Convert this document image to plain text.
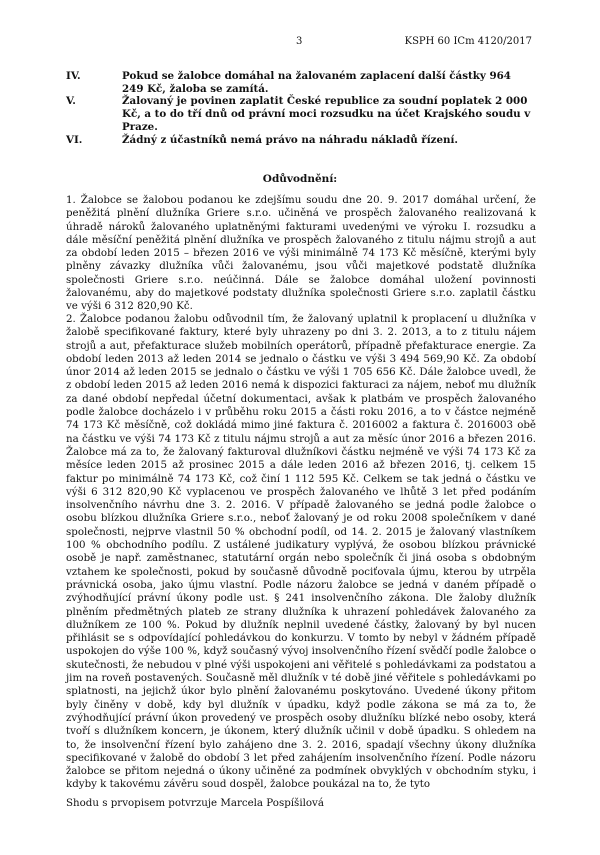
3	KSPH 60 ICm 4120/2017
IV.	Pokud se žalobce domáhal na žalovaném zaplacení další částky 964 249 Kč, žaloba se zamítá.
V.	Žalovaný je povinen zaplatit České republice za soudní poplatek 2 000 Kč, a to do tří dnů od právní moci rozsudku na účet Krajského soudu v Praze.
VI.	Žádný z účastníků nemá právo na náhradu nákladů řízení.
Odůvodnění:

1. Žalobce se žalobou podanou ke zdejšímu soudu dne 20. 9. 2017 domáhal určení, že peněžitá plnění dlužníka Griere s.r.o. učiněná ve prospěch žalovaného realizovaná k úhradě nároků žalovaného uplatněnými fakturami uvedenými ve výroku I. rozsudku a dále měsíční peněžitá plnění dlužníka ve prospěch žalovaného z titulu nájmu strojů a aut za období leden 2015 – březen 2016 ve výši minimálně 74 173 Kč měsíčně, kterými byly plněny závazky dlužníka vůči žalovanému, jsou vůči majetkové podstatě dlužníka společnosti Griere s.r.o. neúčinná. Dále se žalobce domáhal uložení povinnosti žalovanému, aby do majetkové podstaty dlužníka společnosti Griere s.r.o. zaplatil částku ve výši 6 312 820,90 Kč.

2. Žalobce podanou žalobu odůvodnil tím, že žalovaný uplatnil k proplacení u dlužníka v žalobě specifikované faktury, které byly uhrazeny po dni 3. 2. 2013, a to z titulu nájem strojů a aut, přefakturace služeb mobilních operátorů, případně přefakturace energie. Za období leden 2013 až leden 2014 se jednalo o částku ve výši 3 494 569,90 Kč. Za období únor 2014 až leden 2015 se jednalo o částku ve výši 1 705 656 Kč. Dále žalobce uvedl, že z období leden 2015 až leden 2016 nemá k dispozici fakturaci za nájem, neboť mu dlužník za dané období nepředal účetní dokumentaci, avšak k platbám ve prospěch žalovaného podle žalobce docházelo i v průběhu roku 2015 a části roku 2016, a to v částce nejméně 74 173 Kč měsíčně, což dokládá mimo jiné faktura č. 2016002 a faktura č. 2016003 obě na částku ve výši 74 173 Kč z titulu nájmu strojů a aut za měsíc únor 2016 a březen 2016. Žalobce má za to, že žalovaný fakturoval dlužníkovi částku nejméně ve výši 74 173 Kč za měsíce leden 2015 až prosinec 2015 a dále leden 2016 až březen 2016, tj. celkem 15 faktur po minimálně 74 173 Kč, což činí 1 112 595 Kč. Celkem se tak jedná o částku ve výši 6 312 820,90 Kč vyplacenou ve prospěch žalovaného ve lhůtě 3 let před podáním insolvenčního návrhu dne 3. 2. 2016. V případě žalovaného se jedná podle žalobce o osobu blízkou dlužníka Griere s.r.o., neboť žalovaný je od roku 2008 společníkem v dané společnosti, nejprve vlastnil 50 % obchodní podíl, od 14. 2. 2015 je žalovaný vlastníkem 100 % obchodního podílu. Z ustálené judikatury vyplývá, že osobou blízkou právnické osobě je např. zaměstnanec, statutární orgán nebo společník či jiná osoba s obdobným vztahem ke společnosti, pokud by současně důvodně pociťovala újmu, kterou by utrpěla právnická osoba, jako újmu vlastní. Podle názoru žalobce se jedná v daném případě o zvýhodňující právní úkony podle ust. § 241 insolvenčního zákona. Dle žaloby dlužník plněním předmětných plateb ze strany dlužníka k uhrazení pohledávek žalovaného za dlužníkem ze 100 %. Pokud by dlužník neplnil uvedené částky, žalovaný by byl nucen přihlásit se s odpovídající pohledávkou do konkurzu. V tomto by nebyl v žádném případě uspokojen do výše 100 %, když současný vývoj insolvenčního řízení svědčí podle žalobce o skutečnosti, že nebudou v plné výši uspokojeni ani věřitelé s pohledávkami za podstatou a jim na roveň postavených. Současně měl dlužník v té době jiné věřitele s pohledávkami po splatnosti, na jejichž úkor bylo plnění žalovanému poskytováno. Uvedené úkony přitom byly činěny v době, kdy byl dlužník v úpadku, když podle zákona se má za to, že zvýhodňující právní úkon provedený ve prospěch osoby dlužníku blízké nebo osoby, která tvoří s dlužníkem koncern, je úkonem, který dlužník učinil v době úpadku. S ohledem na to, že insolvenční řízení bylo zahájeno dne 3. 2. 2016, spadají všechny úkony dlužníka specifikované v žalobě do období 3 let před zahájením insolvenčního řízení. Podle názoru žalobce se přitom nejedná o úkony učiněné za podmínek obvyklých v obchodním styku, i kdyby k takovému závěru soud dospěl, žalobce poukázal na to, že tyto

Shodu s prvopisem potvrzuje Marcela Pospíšilová
